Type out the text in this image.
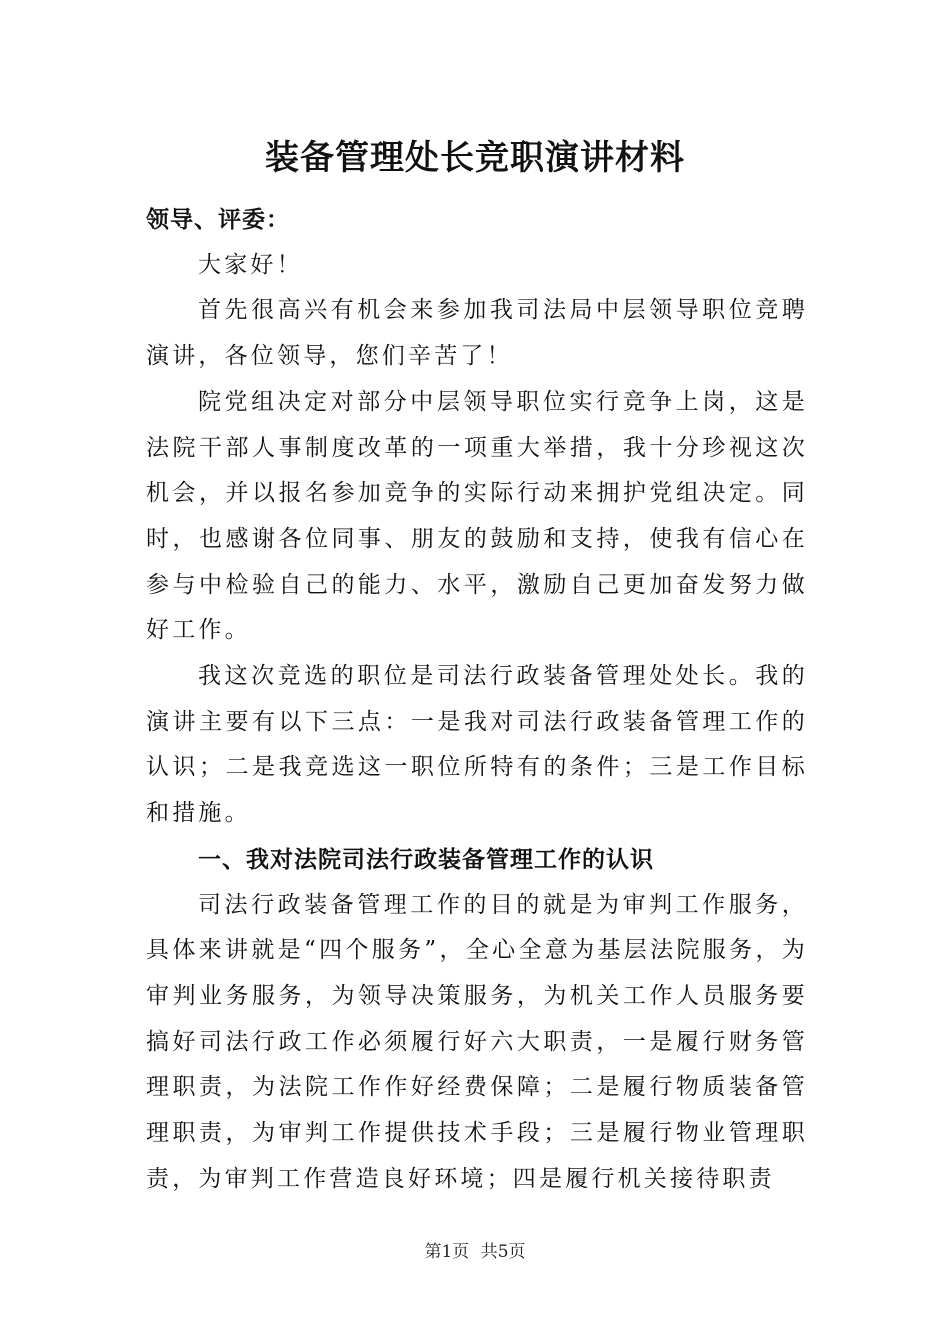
装备管理处长竞职演讲材料

领导、评委：

大家好！

首先很高兴有机会来参加我司法局中层领导职位竞聘演讲，各位领导，您们辛苦了！

院党组决定对部分中层领导职位实行竞争上岗，这是法院干部人事制度改革的一项重大举措，我十分珍视这次机会，并以报名参加竞争的实际行动来拥护党组决定。同时，也感谢各位同事、朋友的鼓励和支持，使我有信心在参与中检验自己的能力、水平，激励自己更加奋发努力做好工作。

我这次竞选的职位是司法行政装备管理处处长。我的演讲主要有以下三点：一是我对司法行政装备管理工作的认识；二是我竞选这一职位所特有的条件；三是工作目标和措施。

一、我对法院司法行政装备管理工作的认识

司法行政装备管理工作的目的就是为审判工作服务，具体来讲就是“四个服务”，全心全意为基层法院服务，为审判业务服务，为领导决策服务，为机关工作人员服务要搞好司法行政工作必须履行好六大职责，一是履行财务管理职责，为法院工作作好经费保障；二是履行物质装备管理职责，为审判工作提供技术手段；三是履行物业管理职责，为审判工作营造良好环境；四是履行机关接待职责

第1页 共5页
